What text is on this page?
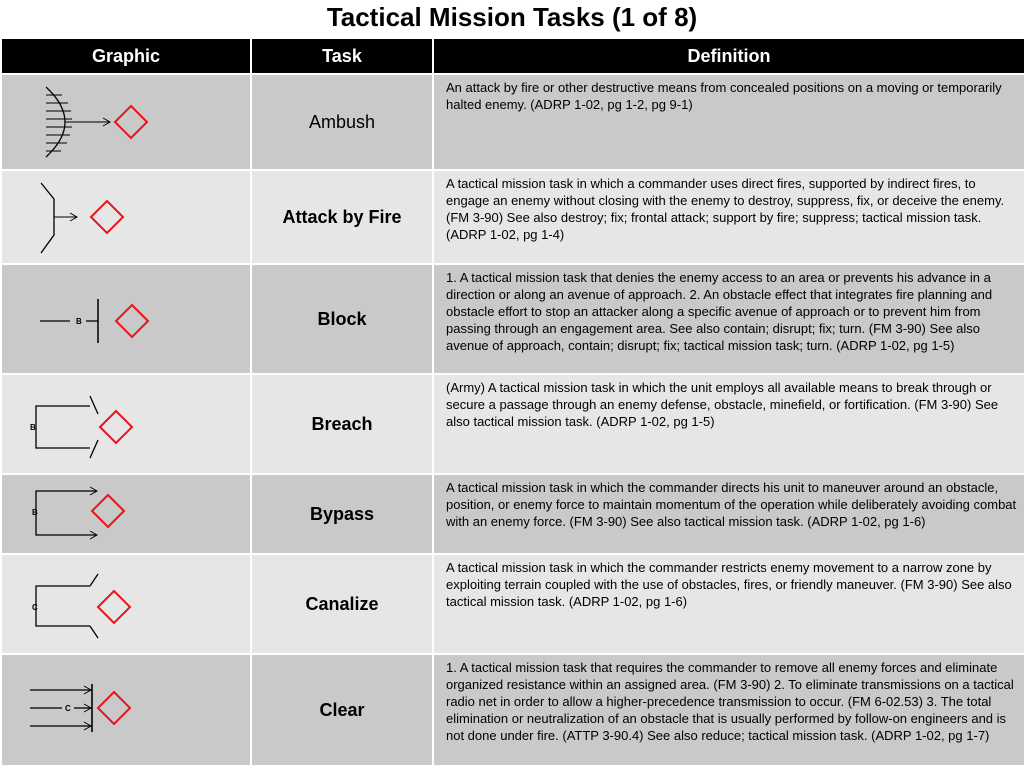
Tactical Mission Tasks (1 of 8)
Graphic	Task	Definition

	Ambush	An attack by fire or other destructive means from concealed positions on a moving or temporarily halted enemy. (ADRP 1-02, pg 1-2, pg 9-1)

	Attack by Fire	A tactical mission task in which a commander uses direct fires, supported by indirect fires, to engage an enemy without closing with the enemy to destroy, suppress, fix, or deceive the enemy. (FM 3-90) See also destroy; fix; frontal attack; support by fire; suppress; tactical mission task. (ADRP 1-02, pg 1-4)

B	Block	1. A tactical mission task that denies the enemy access to an area or prevents his advance in a direction or along an avenue of approach. 2. An obstacle effect that integrates fire planning and obstacle effort to stop an attacker along a specific avenue of approach or to prevent him from passing through an engagement area. See also contain; disrupt; fix; turn. (FM 3-90) See also avenue of approach, contain; disrupt; fix; tactical mission task; turn. (ADRP 1-02, pg 1-5)

B	Breach	(Army) A tactical mission task in which the unit employs all available means to break through or secure a passage through an enemy defense, obstacle, minefield, or fortification. (FM 3-90) See also tactical mission task. (ADRP 1-02, pg 1-5)

B	Bypass	A tactical mission task in which the commander directs his unit to maneuver around an obstacle, position, or enemy force to maintain momentum of the operation while deliberately avoiding combat with an enemy force. (FM 3-90) See also tactical mission task. (ADRP 1-02, pg 1-6)

C	Canalize	A tactical mission task in which the commander restricts enemy movement to a narrow zone by exploiting terrain coupled with the use of obstacles, fires, or friendly maneuver. (FM 3-90) See also tactical mission task. (ADRP 1-02, pg 1-6)

C	Clear	1. A tactical mission task that requires the commander to remove all enemy forces and eliminate organized resistance within an assigned area. (FM 3-90) 2. To eliminate transmissions on a tactical radio net in order to allow a higher-precedence transmission to occur. (FM 6-02.53) 3. The total elimination or neutralization of an obstacle that is usually performed by follow-on engineers and is not done under fire. (ATTP 3-90.4) See also reduce; tactical mission task. (ADRP 1-02, pg 1-7)
